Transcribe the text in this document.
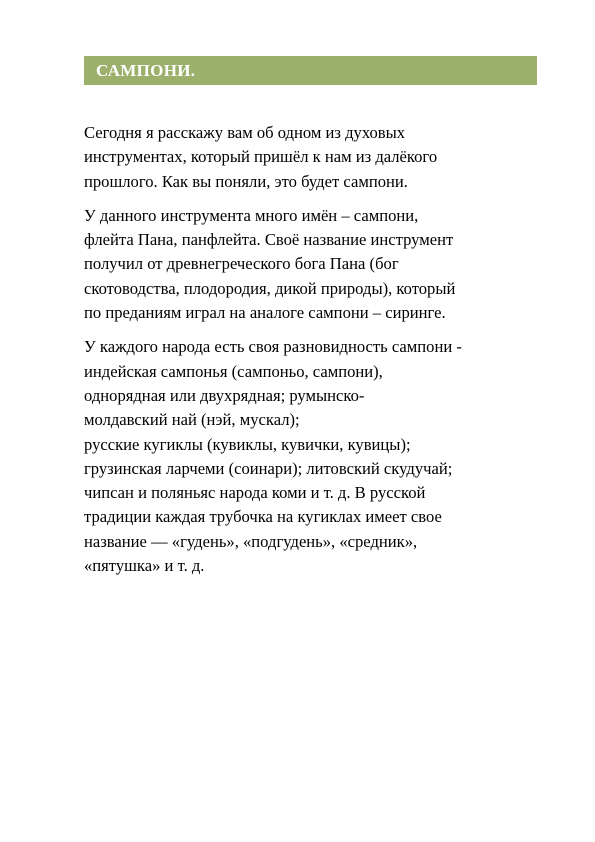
САМПОНИ.

Сегодня я расскажу вам об одном из духовых
инструментах, который пришёл к нам из далёкого
прошлого. Как вы поняли, это будет сампони.

У данного инструмента много имён – сампони,
флейта Пана, панфлейта. Своё название инструмент
получил от древнегреческого бога Пана (бог
скотоводства, плодородия, дикой природы), который
по преданиям играл на аналоге сампони – сиринге.

У каждого народа есть своя разновидность сампони -
индейская сампонья (сампоньо, сампони),
однорядная или двухрядная; румынско-
молдавский най (нэй, мускал);
русские кугиклы (кувиклы, кувички, кувицы);
грузинская ларчеми (соинари); литовский скудучай;
чипсан и поляньяс народа коми и т. д. В русской
традиции каждая трубочка на кугиклах имеет свое
название — «гудень», «подгудень», «средник»,
«пятушка» и т. д.
